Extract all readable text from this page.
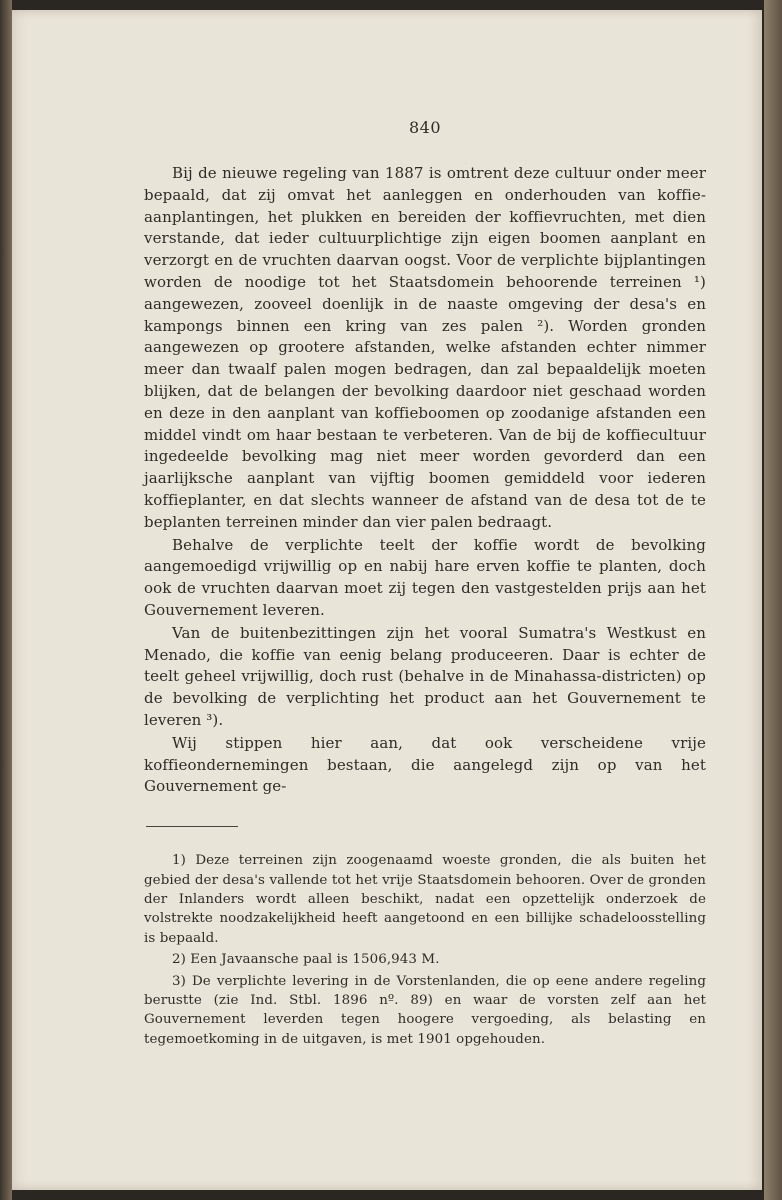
840

Bij de nieuwe regeling van 1887 is omtrent deze cultuur onder meer bepaald, dat zij omvat het aanleggen en onderhouden van koffie-aanplantingen, het plukken en bereiden der koffievruchten, met dien verstande, dat ieder cultuurplichtige zijn eigen boomen aanplant en verzorgt en de vruchten daarvan oogst. Voor de verplichte bijplantingen worden de noodige tot het Staatsdomein behoorende terreinen ¹) aangewezen, zooveel doenlijk in de naaste omgeving der desa's en kampongs binnen een kring van zes palen ²). Worden gronden aangewezen op grootere afstanden, welke afstanden echter nimmer meer dan twaalf palen mogen bedragen, dan zal bepaaldelijk moeten blijken, dat de belangen der bevolking daardoor niet geschaad worden en deze in den aanplant van koffieboomen op zoodanige afstanden een middel vindt om haar bestaan te verbeteren. Van de bij de koffiecultuur ingedeelde bevolking mag niet meer worden gevorderd dan een jaarlijksche aanplant van vijftig boomen gemiddeld voor iederen koffieplanter, en dat slechts wanneer de afstand van de desa tot de te beplanten terreinen minder dan vier palen bedraagt.

Behalve de verplichte teelt der koffie wordt de bevolking aangemoedigd vrijwillig op en nabij hare erven koffie te planten, doch ook de vruchten daarvan moet zij tegen den vastgestelden prijs aan het Gouvernement leveren.

Van de buitenbezittingen zijn het vooral Sumatra's Westkust en Menado, die koffie van eenig belang produceeren. Daar is echter de teelt geheel vrijwillig, doch rust (behalve in de Minahassa-districten) op de bevolking de verplichting het product aan het Gouvernement te leveren ³).

Wij stippen hier aan, dat ook verscheidene vrije koffieondernemingen bestaan, die aangelegd zijn op van het Gouvernement ge-

1) Deze terreinen zijn zoogenaamd woeste gronden, die als buiten het gebied der desa's vallende tot het vrije Staatsdomein behooren. Over de gronden der Inlanders wordt alleen beschikt, nadat een opzettelijk onderzoek de volstrekte noodzakelijkheid heeft aangetoond en een billijke schadeloosstelling is bepaald.

2) Een Javaansche paal is 1506,943 M.

3) De verplichte levering in de Vorstenlanden, die op eene andere regeling berustte (zie Ind. Stbl. 1896 nº. 89) en waar de vorsten zelf aan het Gouvernement leverden tegen hoogere vergoeding, als belasting en tegemoetkoming in de uitgaven, is met 1901 opgehouden.
